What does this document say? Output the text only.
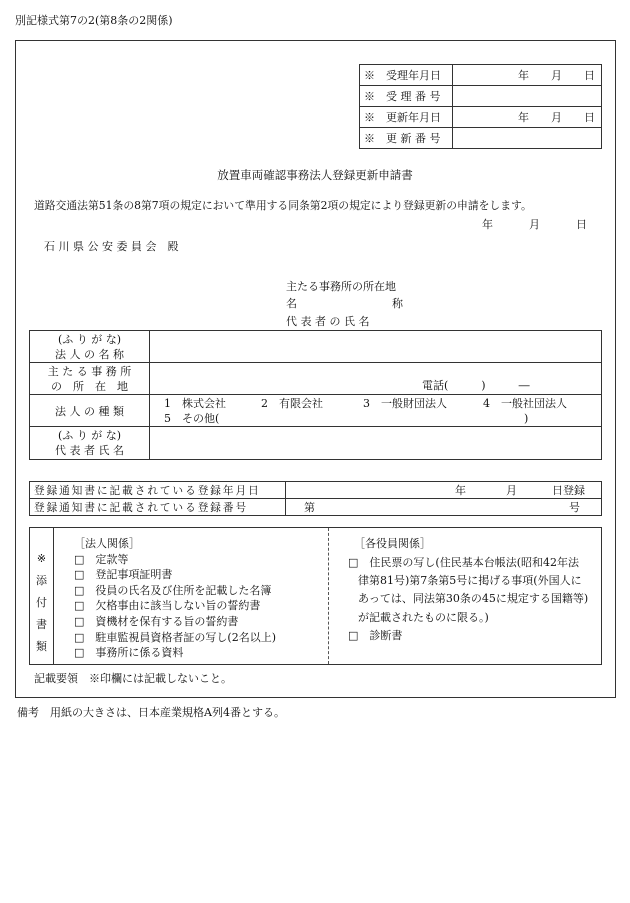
別記様式第7の2(第8条の2関係)
※　 受理年月日	年　　月　　日
※　 受 理 番 号	
※　 更新年月日	年　　月　　日
※　 更 新 番 号	
放置車両確認事務法人登録更新申請書
道路交通法第51条の8第7項の規定において準用する同条第2項の規定により登録更新の申請をします。
年	月	日
石 川 県 公 安 委 員 会　殿
主たる事務所の所在地
名	称
代 表 者 の 氏 名
(ふ り が な)
法 人 の 名 称	

主 た る 事 務 所
の　所　在　地	電話(　　　)　　　―

法 人 の 種 類	1　株式会社 2　有限会社 3　一般財団法人 4　一般社団法人
5　その他( )

(ふ り が な)
代 表 者 氏 名	

登録通知書に記載されている登録年月日	年 月 日登録
登録通知書に記載されている登録番号	第 号
※
添
付
書
類
［法人関係］
□　 定款等
□　 登記事項証明書
□　 役員の氏名及び住所を記載した名簿
□　 欠格事由に該当しない旨の誓約書
□　 資機材を保有する旨の誓約書
□　 駐車監視員資格者証の写し(2名以上)
□　 事務所に係る資料
［各役員関係］
□　 住民票の写し(住民基本台帳法(昭和42年法
律第81号)第7条第5号に掲げる事項(外国人に
あっては、同法第30条の45に規定する国籍等)
が記載されたものに限る。)
□　 診断書
記載要領　※印欄には記載しないこと。
備考　用紙の大きさは、日本産業規格A列4番とする。
